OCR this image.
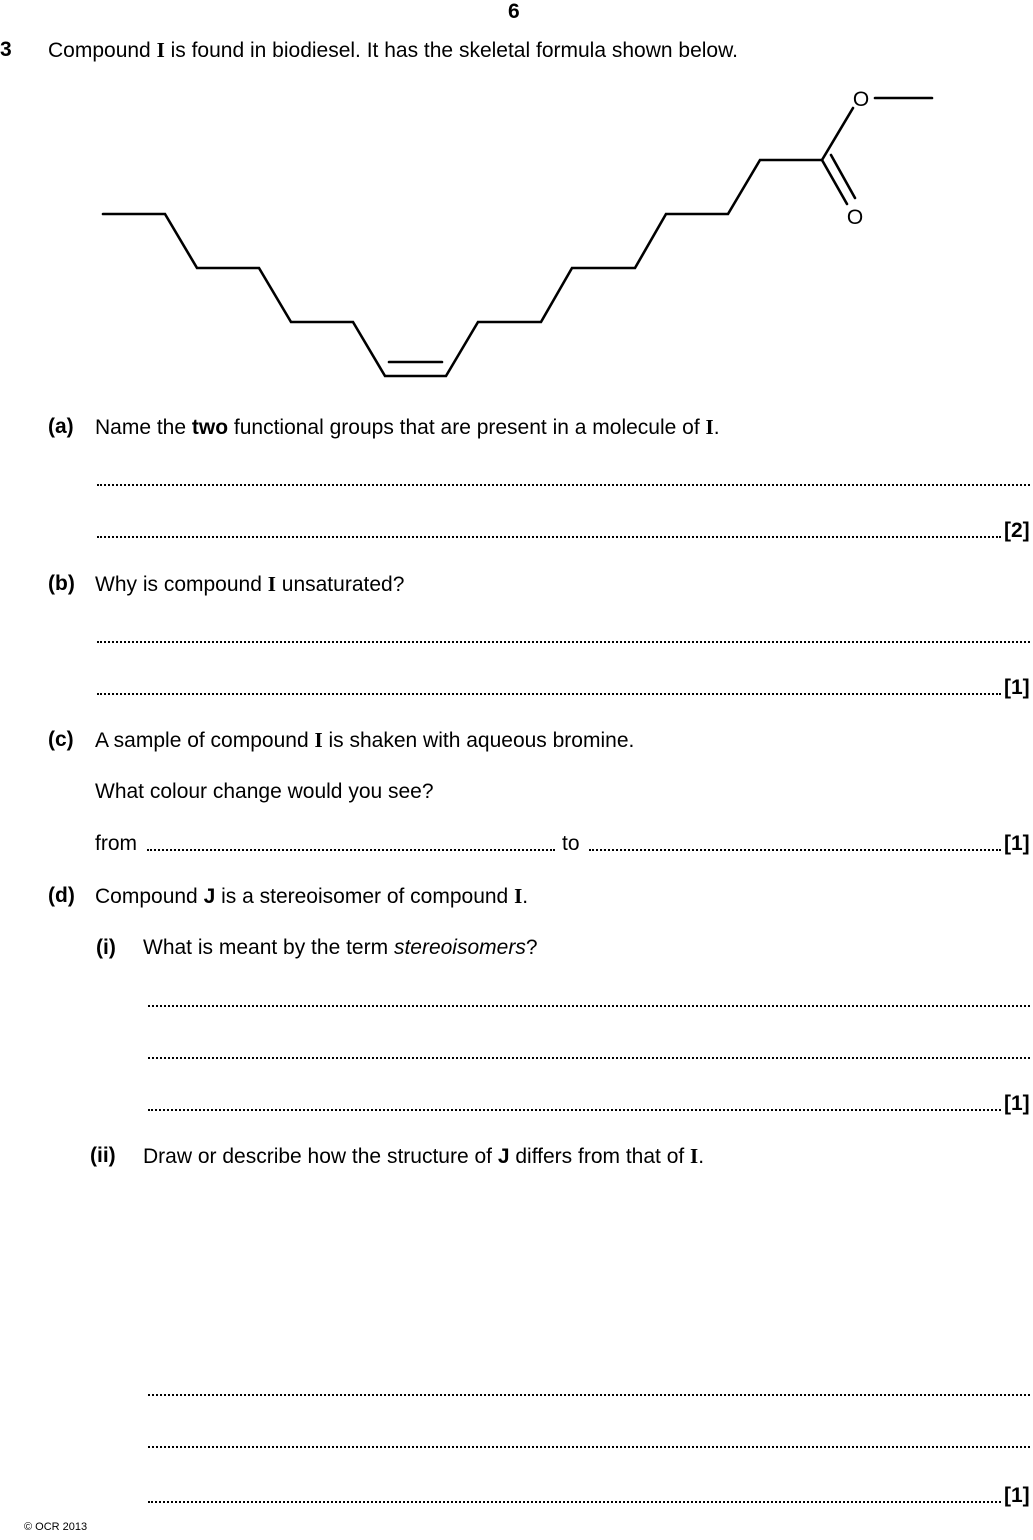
6
3 Compound I is found in biodiesel. It has the skeletal formula shown below.
O
O
(a) Name the two functional groups that are present in a molecule of I.
[2]
(b) Why is compound I unsaturated?
[1]
(c) A sample of compound I is shaken with aqueous bromine.
What colour change would you see?
from	to	[1]
(d) Compound J is a stereoisomer of compound I.
(i) What is meant by the term stereoisomers?
[1]
(ii) Draw or describe how the structure of J differs from that of I.
[1]
© OCR 2013
